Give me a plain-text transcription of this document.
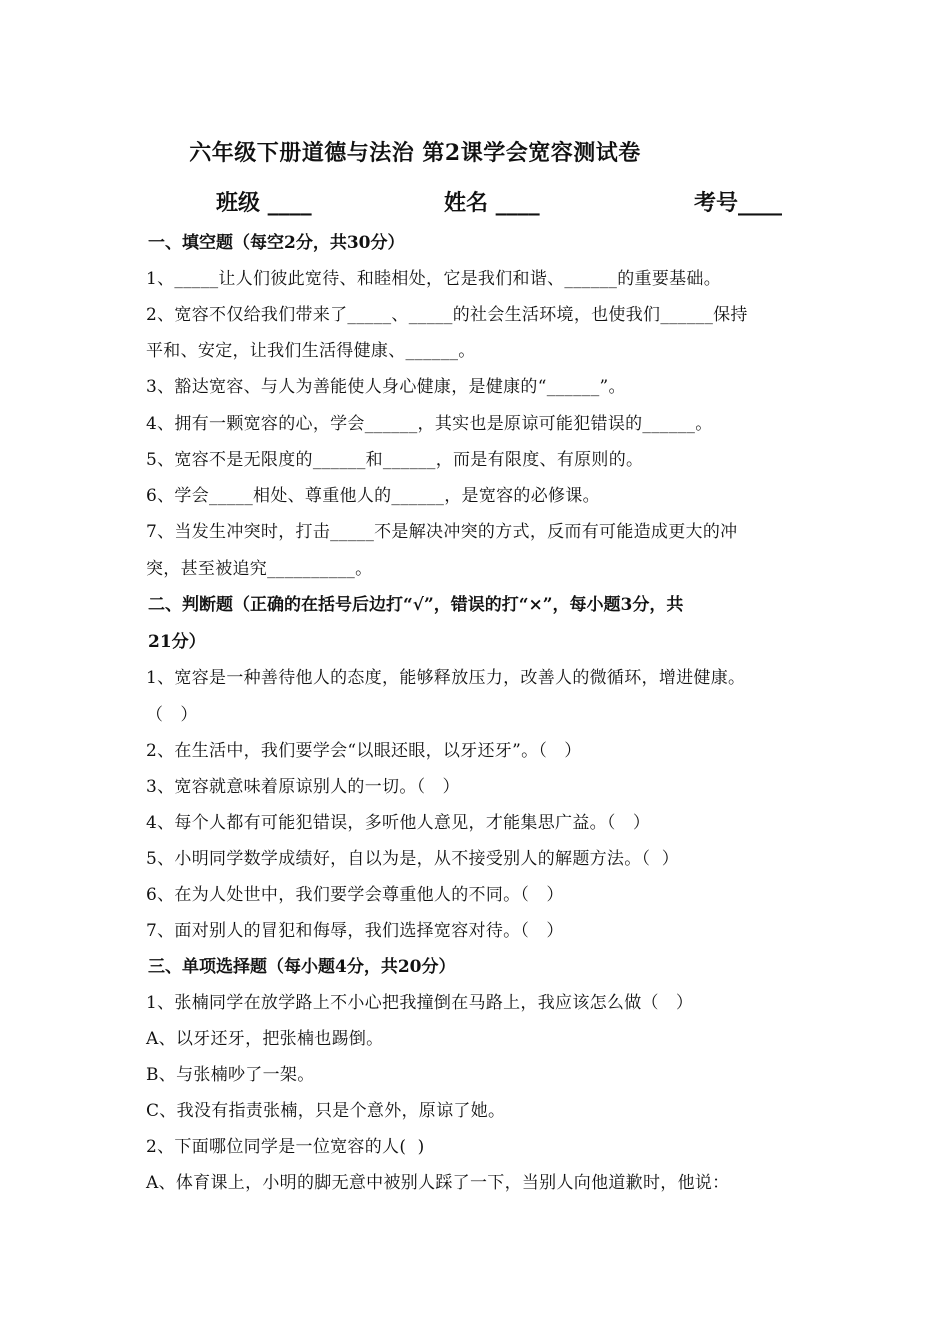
六年级下册道德与法治 第2课学会宽容测试卷
班级 ____	姓名 ____	考号____
一、填空题（每空2分，共30分）
1、_____让人们彼此宽待、和睦相处，它是我们和谐、______的重要基础。
2、宽容不仅给我们带来了_____、_____的社会生活环境，也使我们______保持
平和、安定，让我们生活得健康、______。
3、豁达宽容、与人为善能使人身心健康，是健康的“______”。
4、拥有一颗宽容的心，学会______，其实也是原谅可能犯错误的______。
5、宽容不是无限度的______和______，而是有限度、有原则的。
6、学会_____相处、尊重他人的______，是宽容的必修课。
7、当发生冲突时，打击_____不是解决冲突的方式，反而有可能造成更大的冲
突，甚至被追究__________。
二、判断题（正确的在括号后边打“√”，错误的打“×”，每小题3分，共
21分）
1、宽容是一种善待他人的态度，能够释放压力，改善人的微循环，增进健康。
（   ）
2、在生活中，我们要学会“以眼还眼，以牙还牙”。（   ）
3、宽容就意味着原谅别人的一切。（   ）
4、每个人都有可能犯错误，多听他人意见，才能集思广益。（   ）
5、小明同学数学成绩好，自以为是，从不接受别人的解题方法。（  ）
6、在为人处世中，我们要学会尊重他人的不同。（   ）
7、面对别人的冒犯和侮辱，我们选择宽容对待。（   ）
三、单项选择题（每小题4分，共20分）
1、张楠同学在放学路上不小心把我撞倒在马路上，我应该怎么做（   ）
A、以牙还牙，把张楠也踢倒。
B、与张楠吵了一架。
C、我没有指责张楠，只是个意外，原谅了她。
2、下面哪位同学是一位宽容的人(  )
A、体育课上，小明的脚无意中被别人踩了一下，当别人向他道歉时，他说：
